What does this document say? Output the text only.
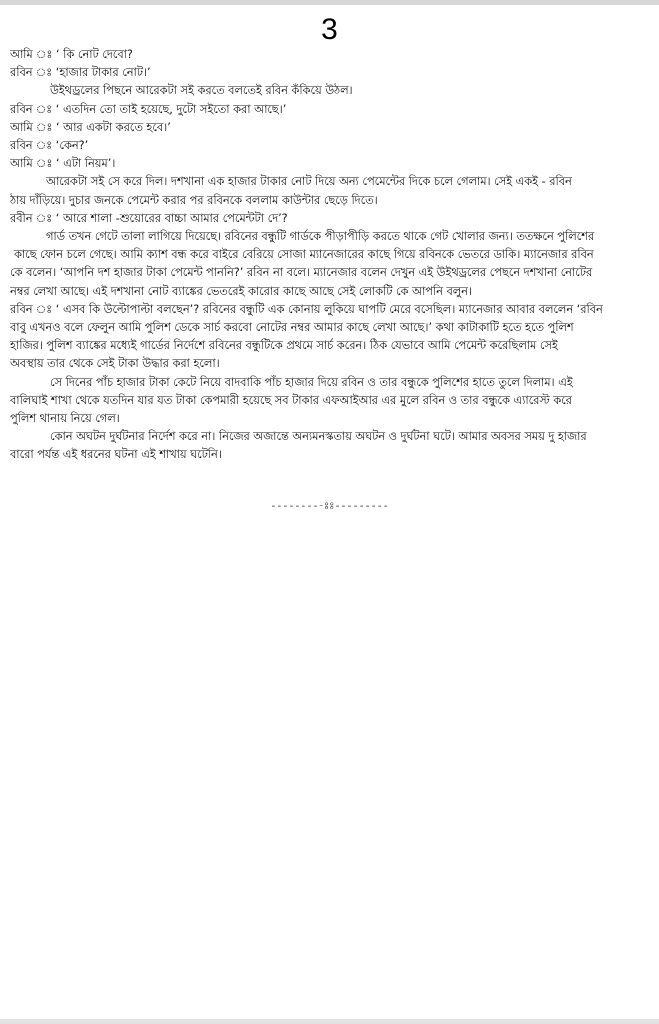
3
আমি ঃ ‘ কি নোট দেবো?
রবিন ঃ ‘হাজার টাকার নোট।’
উইথড্রলের পিছনে আরেকটা সই করতে বলতেই রবিন কঁকিয়ে উঠল।
রবিন ঃ ‘ এতদিন তো তাই হয়েছে, দুটো সইতো করা আছে।’
আমি ঃ ‘ আর একটা করতে হবে।’
রবিন ঃ ‘কেন?’
আমি ঃ ‘ এটা নিয়ম’।
আরেকটা সই সে করে দিল। দশখানা এক হাজার টাকার নোট দিয়ে অন্য পেমেন্টের দিকে চলে গেলাম। সেই একই - রবিন
ঠায় দাঁড়িয়ে। দুচার জনকে পেমেন্ট করার পর রবিনকে বললাম কাউন্টার ছেড়ে দিতে।
রবীন ঃ ‘ আরে শালা -শুয়োরের বাচ্চা আমার পেমেন্টটা দে’?
গার্ড তখন গেটে তালা লাগিয়ে দিয়েছে। রবিনের বন্ধুটি গার্ডকে পীড়াপীড়ি করতে থাকে গেট খোলার জন্য। ততক্ষনে পুলিশের
কাছে ফোন চলে গেছে। আমি ক্যাশ বন্ধ করে বাইরে বেরিয়ে সোজা ম্যানেজারের কাছে গিয়ে রবিনকে ভেতরে ডাকি। ম্যানেজার রবিন
কে বলেন। ‘আপনি দশ হাজার টাকা পেমেন্ট পাননি?’ রবিন না বলে। ম্যানেজার বলেন দেখুন এই উইথড্রলের পেছনে দশখানা নোটের
নম্বর লেখা আছে। এই দশখানা নোট ব্যাঙ্কের ভেতরেই কারোর কাছে আছে সেই লোকটি কে আপনি বলুন।
রবিন ঃ ‘ এসব কি উল্টোপাল্টা বলছেন’? রবিনের বন্ধুটি এক কোনায় লুকিয়ে ঘাপটি মেরে বসেছিল। ম্যানেজার আবার বললেন ‘রবিন
বাবু এখনও বলে ফেলুন আমি পুলিশ ডেকে সার্চ করবো নোটের নম্বর আমার কাছে লেখা আছে।’ কথা কাটাকাটি হতে হতে পুলিশ
হাজির। পুলিশ ব্যাঙ্কের মধ্যেই গার্ডের নির্দেশে রবিনের বন্ধুটিকে প্রথমে সার্চ করেন। ঠিক যেভাবে আমি পেমেন্ট করেছিলাম সেই
অবস্থায় তার থেকে সেই টাকা উদ্ধার করা হলো।
সে দিনের পাঁচ হাজার টাকা কেটে নিয়ে বাদবাকি পাঁচ হাজার দিয়ে রবিন ও তার বন্ধুকে পুলিশের হাতে তুলে দিলাম। এই
বালিঘাই শাখা থেকে যতদিন যার যত টাকা কেপমারী হয়েছে সব টাকার এফআইআর এর মুলে রবিন ও তার বন্ধুকে এ্যারেস্ট করে
পুলিশ থানায় নিয়ে গেল।
কোন অঘটন দুর্ঘটনার নির্দেশ করে না। নিজের অজান্তে অন্যমনস্কতায় অঘটন ও দুর্ঘটনা ঘটে। আমার অবসর সময় দু হাজার
বারো পর্যন্ত এই ধরনের ঘটনা এই শাখায় ঘটেনি।
---------ঃঃ---------
